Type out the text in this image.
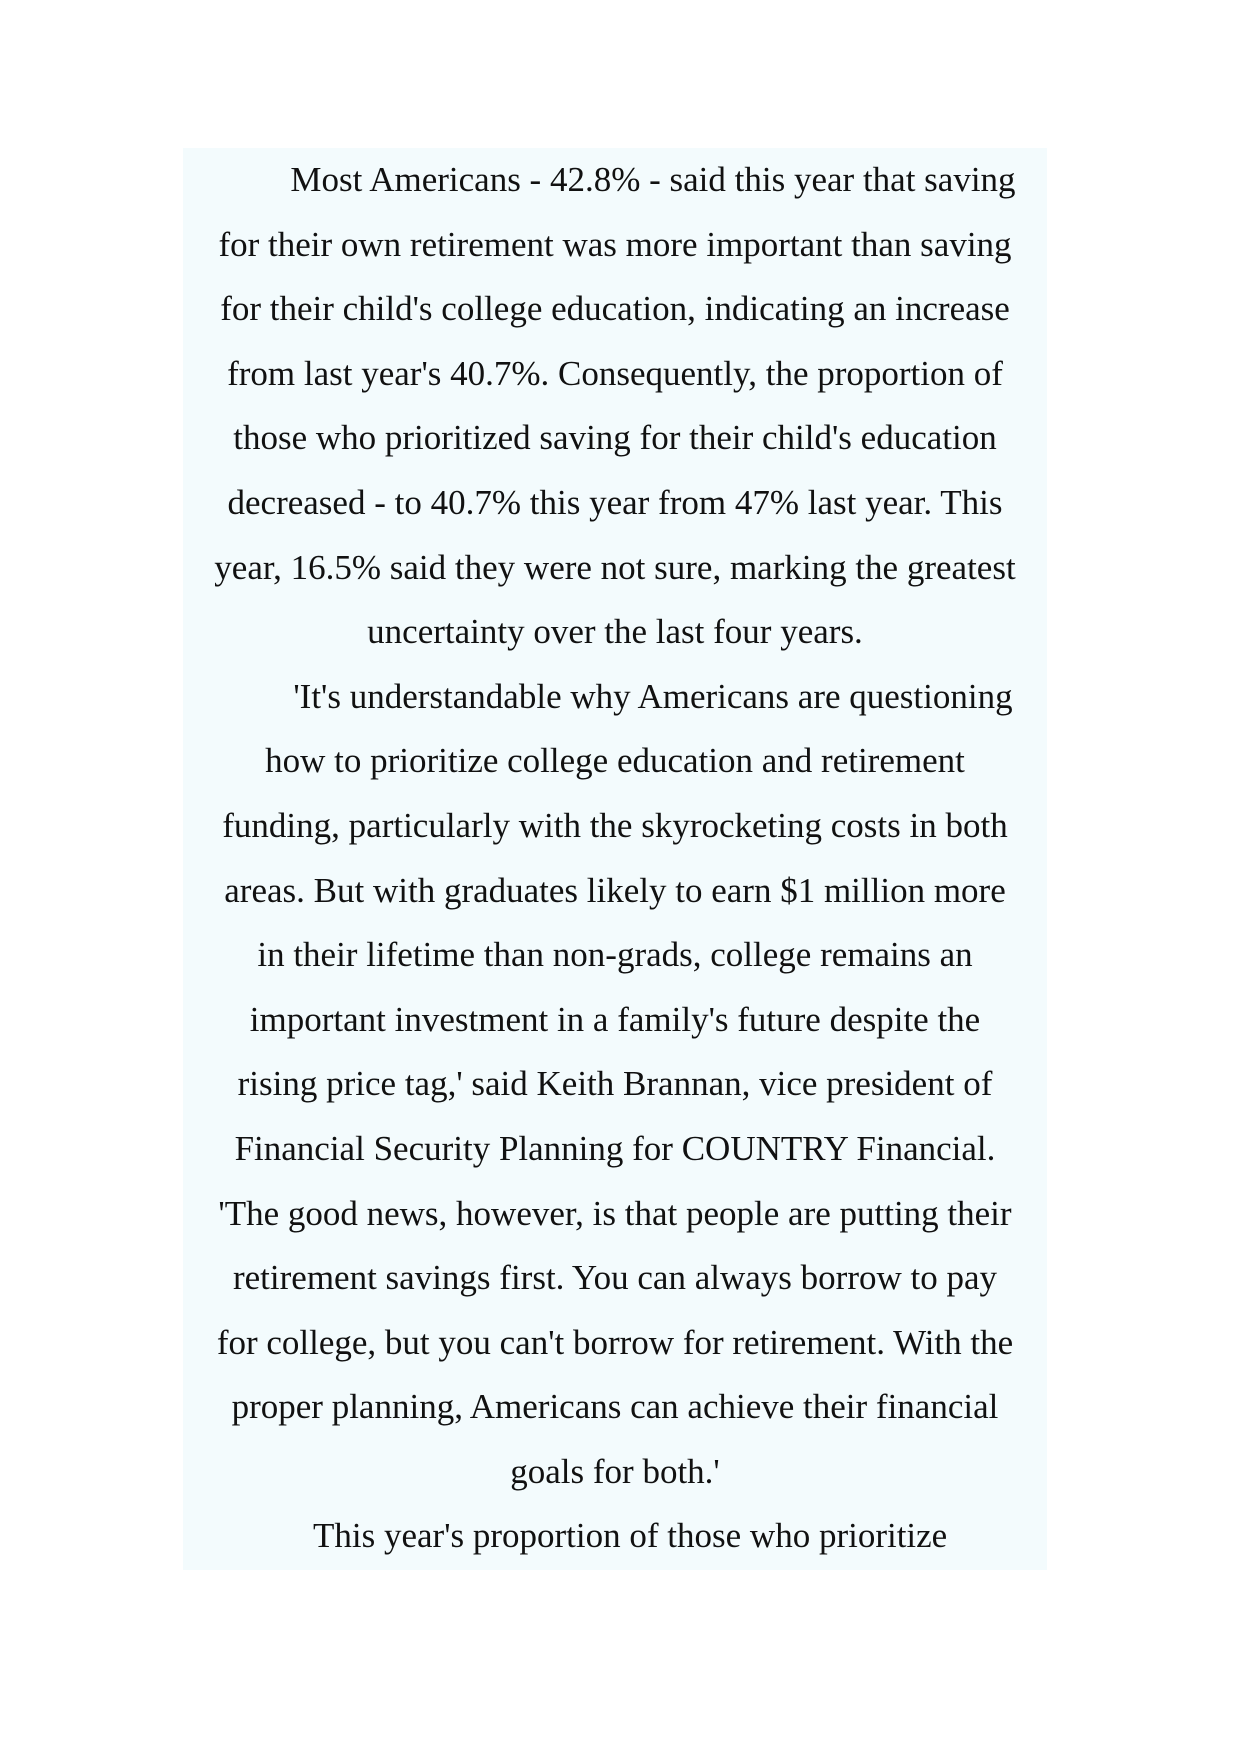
Most Americans - 42.8% - said this year that saving
for their own retirement was more important than saving
for their child's college education, indicating an increase
from last year's 40.7%. Consequently, the proportion of
those who prioritized saving for their child's education
decreased - to 40.7% this year from 47% last year. This
year, 16.5% said they were not sure, marking the greatest
uncertainty over the last four years.
'It's understandable why Americans are questioning
how to prioritize college education and retirement
funding, particularly with the skyrocketing costs in both
areas. But with graduates likely to earn $1 million more
in their lifetime than non-grads, college remains an
important investment in a family's future despite the
rising price tag,' said Keith Brannan, vice president of
Financial Security Planning for COUNTRY Financial.
'The good news, however, is that people are putting their
retirement savings first. You can always borrow to pay
for college, but you can't borrow for retirement. With the
proper planning, Americans can achieve their financial
goals for both.'
This year's proportion of those who prioritize
